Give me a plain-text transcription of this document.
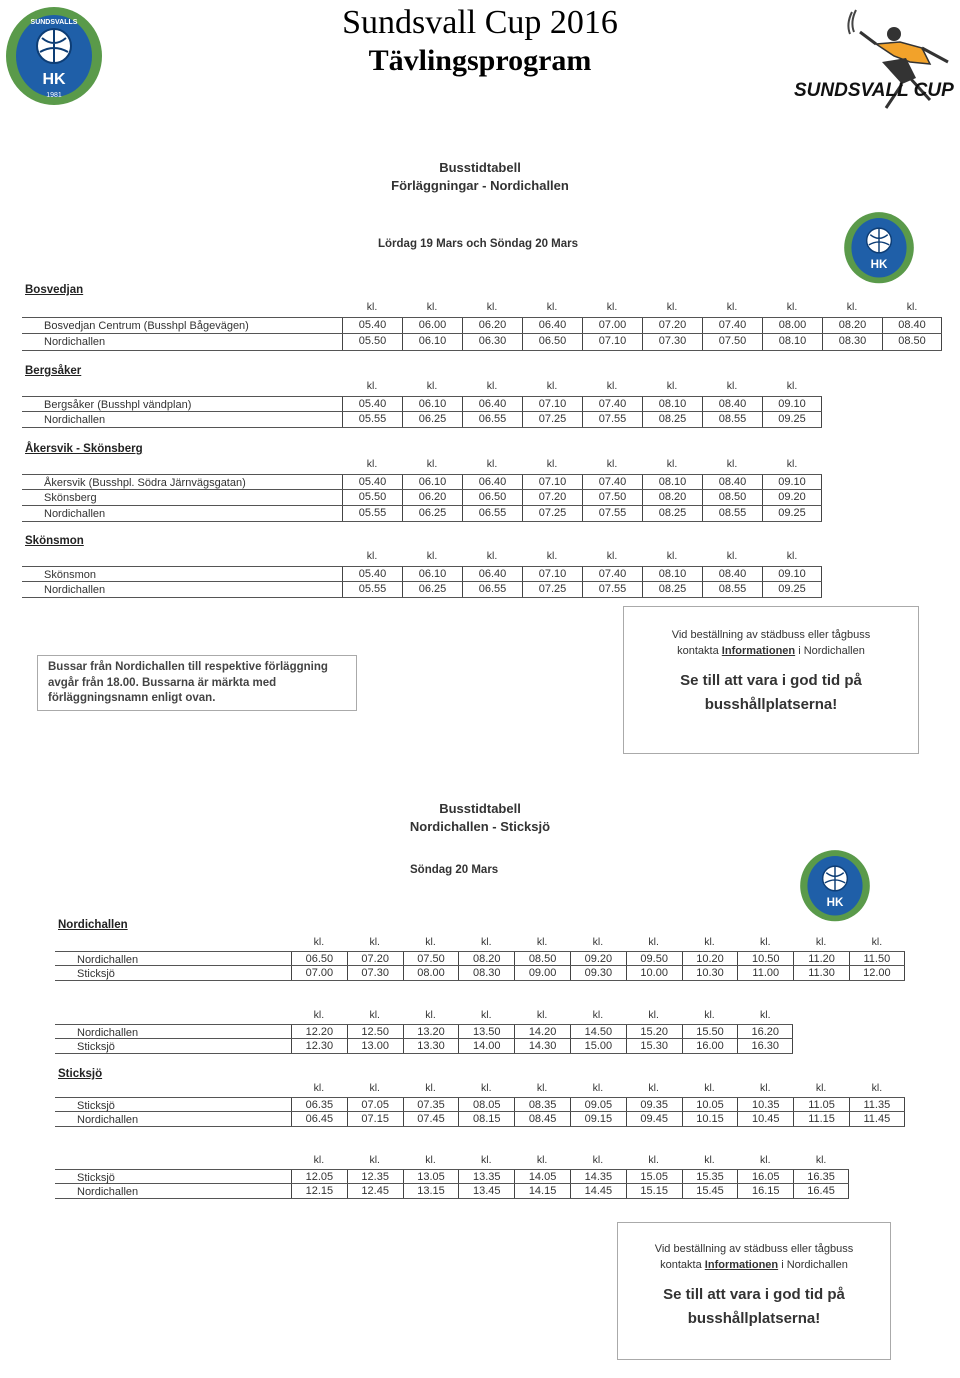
Sundsvall Cup 2016
Tävlingsprogram
HK
1981
SUNDSVALLS
SUNDSVALL CUP
Busstidtabell
Förläggningar - Nordichallen
Lördag 19 Mars och Söndag 20 Mars
HK
Bosvedjan
kl.	kl.	kl.	kl.	kl.	kl.	kl.	kl.	kl.	kl.
Bosvedjan Centrum (Busshpl Bågevägen)	05.40	06.00	06.20	06.40	07.00	07.20	07.40	08.00	08.20	08.40
Nordichallen	05.50	06.10	06.30	06.50	07.10	07.30	07.50	08.10	08.30	08.50
Bergsåker
kl.	kl.	kl.	kl.	kl.	kl.	kl.	kl.
Bergsåker (Busshpl vändplan)	05.40	06.10	06.40	07.10	07.40	08.10	08.40	09.10
Nordichallen	05.55	06.25	06.55	07.25	07.55	08.25	08.55	09.25
Åkersvik - Skönsberg
kl.	kl.	kl.	kl.	kl.	kl.	kl.	kl.
Åkersvik (Busshpl. Södra Järnvägsgatan)	05.40	06.10	06.40	07.10	07.40	08.10	08.40	09.10
Skönsberg	05.50	06.20	06.50	07.20	07.50	08.20	08.50	09.20
Nordichallen	05.55	06.25	06.55	07.25	07.55	08.25	08.55	09.25
Skönsmon
kl.	kl.	kl.	kl.	kl.	kl.	kl.	kl.
Skönsmon	05.40	06.10	06.40	07.10	07.40	08.10	08.40	09.10
Nordichallen	05.55	06.25	06.55	07.25	07.55	08.25	08.55	09.25
Bussar från Nordichallen till respektive förläggning avgår från 18.00. Bussarna är märkta med förläggningsnamn enligt ovan.
Vid beställning av städbuss eller tågbuss
kontakta Informationen i Nordichallen
Se till att vara i god tid på
busshållplatserna!
Busstidtabell
Nordichallen - Sticksjö
Söndag 20 Mars
HK
Nordichallen
kl.	kl.	kl.	kl.	kl.	kl.	kl.	kl.	kl.	kl.	kl.
Nordichallen	06.50	07.20	07.50	08.20	08.50	09.20	09.50	10.20	10.50	11.20	11.50
Sticksjö	07.00	07.30	08.00	08.30	09.00	09.30	10.00	10.30	11.00	11.30	12.00
kl.	kl.	kl.	kl.	kl.	kl.	kl.	kl.	kl.
Nordichallen	12.20	12.50	13.20	13.50	14.20	14.50	15.20	15.50	16.20
Sticksjö	12.30	13.00	13.30	14.00	14.30	15.00	15.30	16.00	16.30
Sticksjö
kl.	kl.	kl.	kl.	kl.	kl.	kl.	kl.	kl.	kl.	kl.
Sticksjö	06.35	07.05	07.35	08.05	08.35	09.05	09.35	10.05	10.35	11.05	11.35
Nordichallen	06.45	07.15	07.45	08.15	08.45	09.15	09.45	10.15	10.45	11.15	11.45
kl.	kl.	kl.	kl.	kl.	kl.	kl.	kl.	kl.	kl.
Sticksjö	12.05	12.35	13.05	13.35	14.05	14.35	15.05	15.35	16.05	16.35
Nordichallen	12.15	12.45	13.15	13.45	14.15	14.45	15.15	15.45	16.15	16.45
Vid beställning av städbuss eller tågbuss
kontakta Informationen i Nordichallen
Se till att vara i god tid på
busshållplatserna!
